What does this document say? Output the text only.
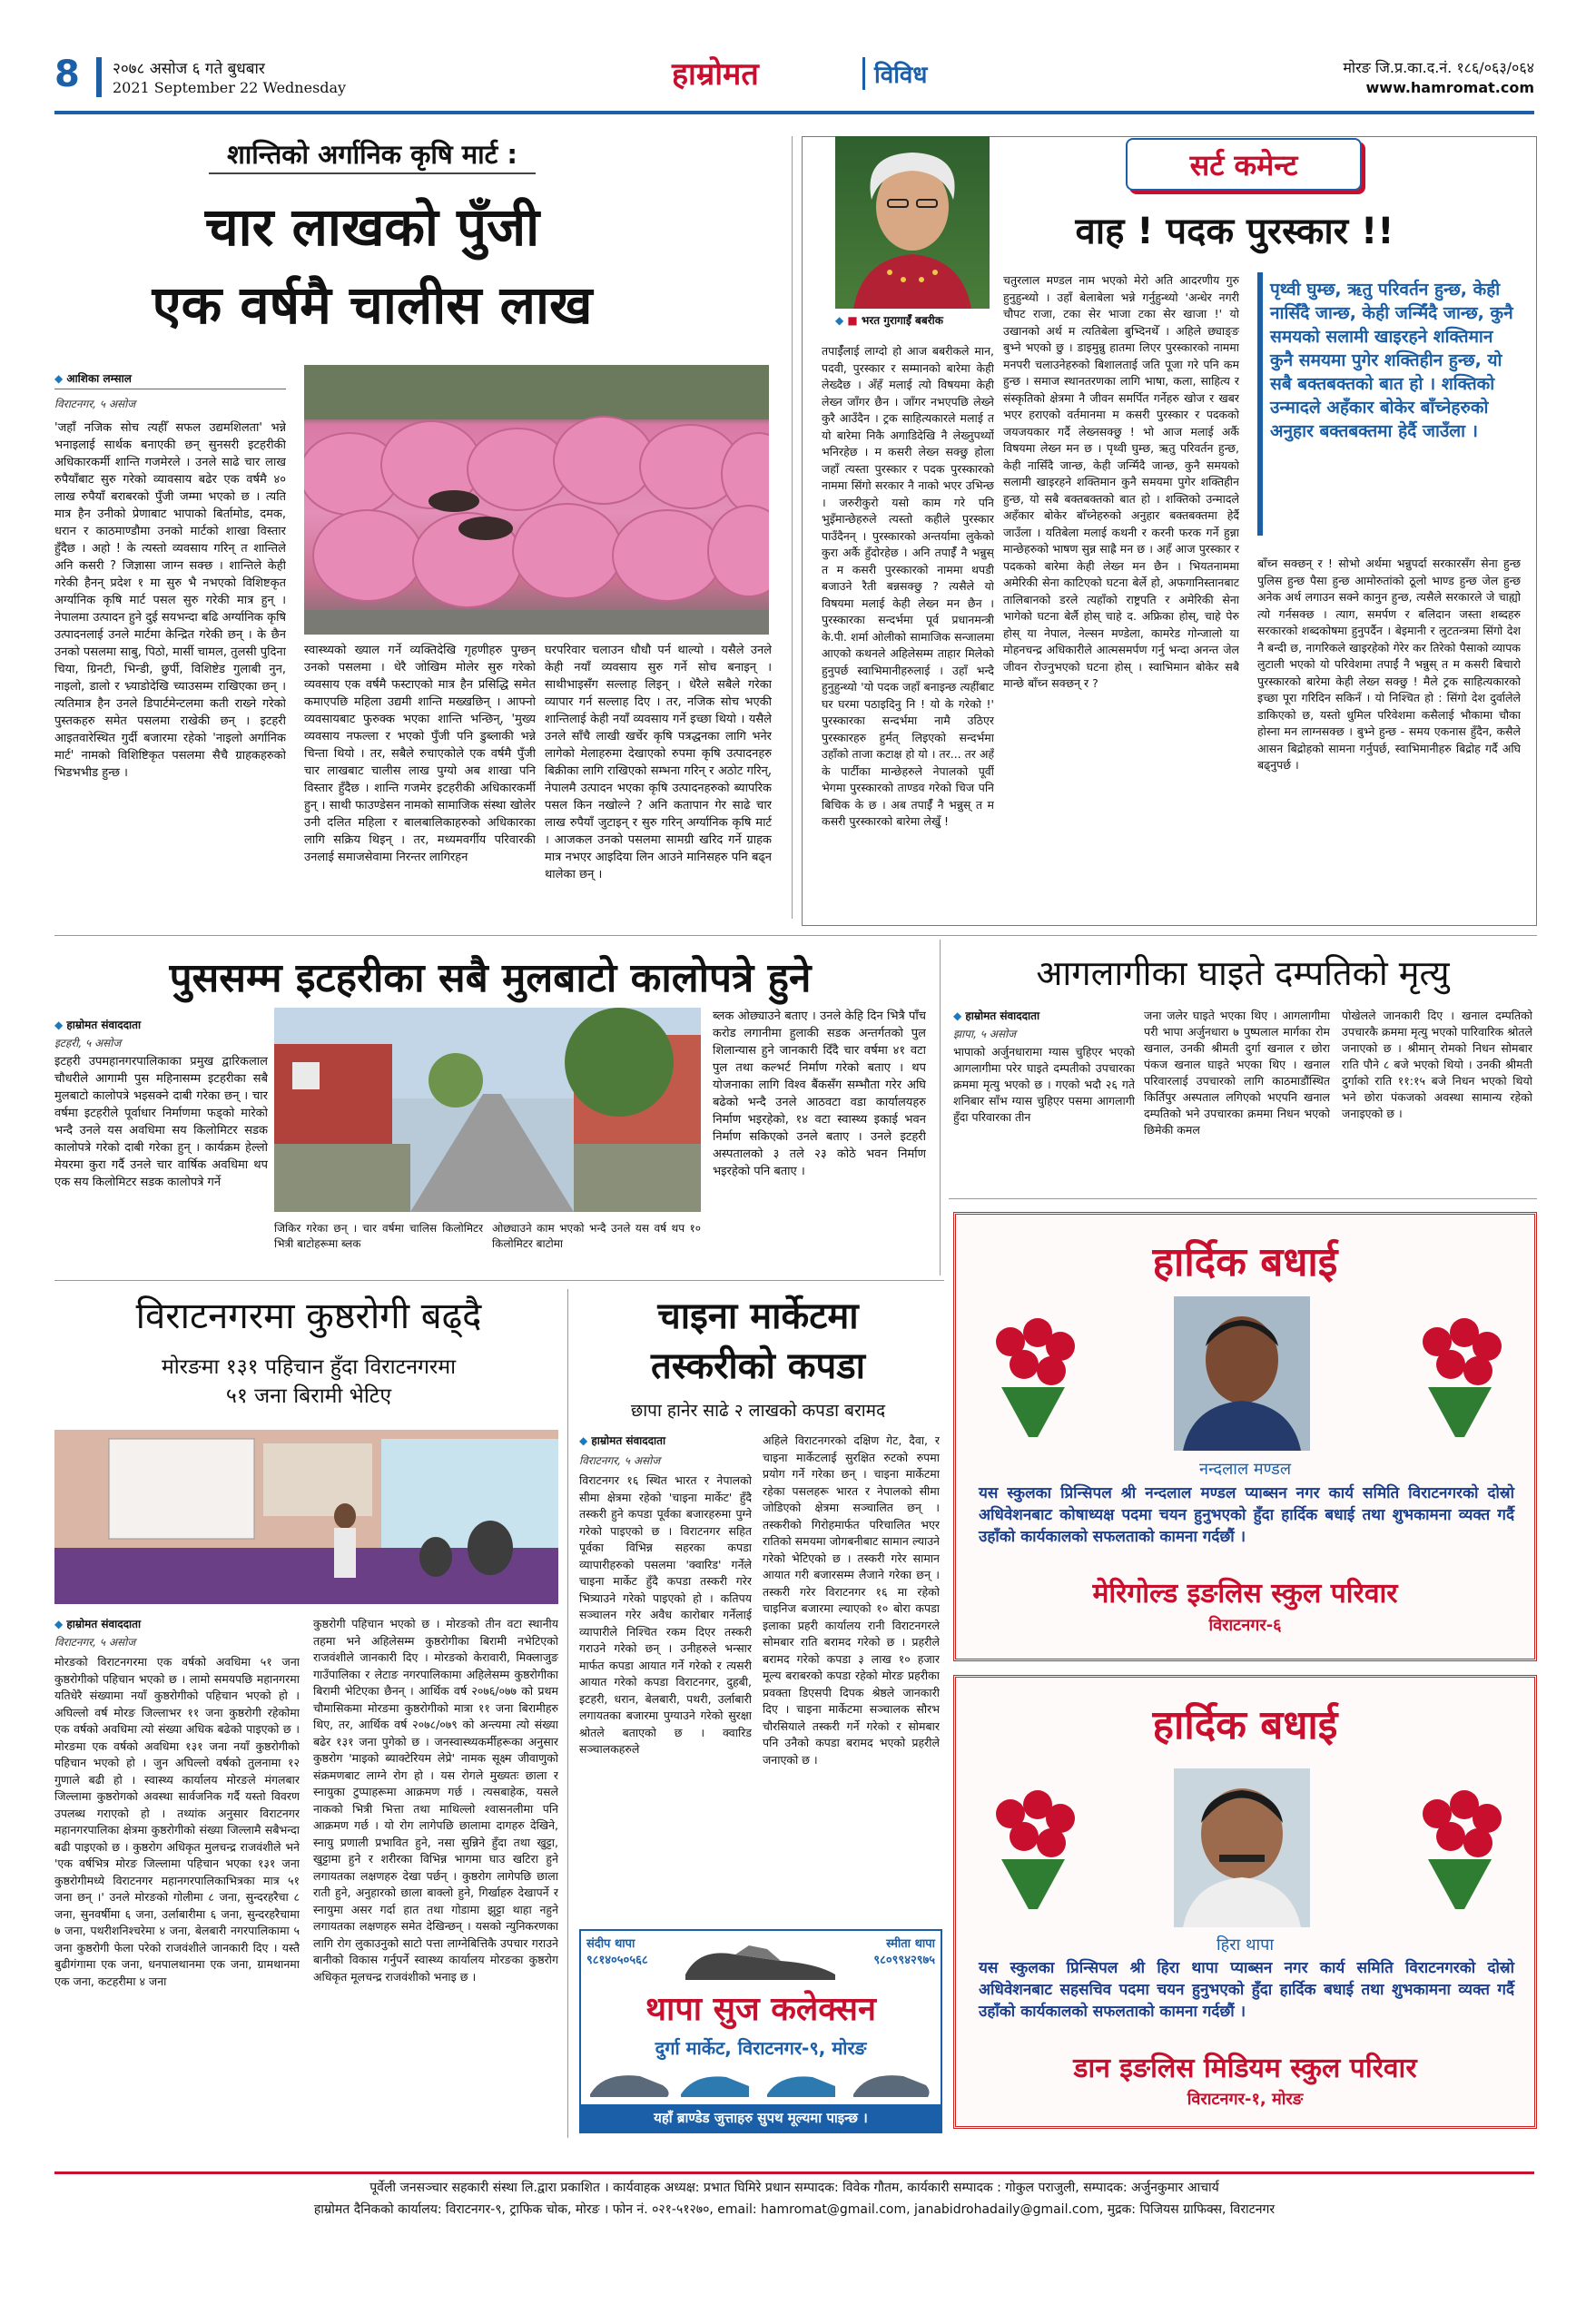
8 २०७८ असोज ६ गते बुधबार
2021 September 22 Wednesday	हाम्रोमत	विविध	मोरङ जि.प्र.का.द.नं. १८६/०६३/०६४
www.hamromat.com
शान्तिको अर्गानिक कृषि मार्ट :
चार लाखको पुँजी
एक वर्षमै चालीस लाख
◆ आशिका लम्साल
विराटनगर, ५ असोज

'जहाँ नजिक सोच त्यहीँ सफल उद्यमशिलता' भन्ने भनाइलाई सार्थक बनाएकी छन् सुनसरी इटहरीकी अधिकारकर्मी शान्ति गजमेरले । उनले साढे चार लाख रुपैयाँबाट सुरु गरेको व्यावसाय बढेर एक वर्षमै ४० लाख रुपैयाँ बराबरको पुँजी जम्मा भएको छ । त्यति मात्र हैन उनीको प्रेणाबाट भापाको बिर्तामोड, दमक, धरान र काठमाण्डौमा उनको मार्टको शाखा विस्तार हुँदैछ । अहो ! के त्यस्तो व्यवसाय गरिन् त शान्तिले अनि कसरी ? जिज्ञासा जाग्न सक्छ । शान्तिले केही गरेकी हैनन् प्रदेश १ मा सुरु भै नभएको विशिष्टकृत अर्ग्यानिक कृषि मार्ट पसल सुरु गरेकी मात्र हुन् । नेपालमा उत्पादन हुने दुई सयभन्दा बढि अर्ग्यानिक कृषि उत्पादनलाई उनले मार्टमा केन्द्रित गरेकी छन् । के छैन उनको पसलमा साबु, पिठो, मार्सी चामल, तुलसी पुदिना चिया, ग्रिनटी, भिन्डी, छुर्पी, विशिष्टेड गुलाबी नुन, नाइलो, डालो र भ्र्याडोदेखि च्याउसम्म राखिएका छन् । त्यतिमात्र हैन उनले डिपार्टमेन्टलमा कती राख्ने गरेको पुस्तकहरु समेत पसलमा राखेकी छन् । इटहरी आइतवारेस्थित गुर्दी बजारमा रहेको 'नाइलो अर्गानिक मार्ट' नामको विशिष्टिकृत पसलमा सैचै ग्राहकहरुको भिडभभीड हुन्छ ।

स्वास्थ्यको ख्याल गर्ने व्यक्तिदेखि गृहणीहरु पुग्छन् उनको पसलमा । धेरै जोखिम मोलेर सुरु गरेको व्यवसाय एक वर्षमै फस्टाएको मात्र हैन प्रसिद्धि समेत कमाएपछि महिला उद्यमी शान्ति मख्खछिन् । आफ्नो व्यवसायबाट फुरुक्क भएका शान्ति भन्छिन्, 'मुख्य व्यवसाय नफल्ला र भएको पुँजी पनि डुब्लाकी भन्ने चिन्ता थियो । तर, सबैले रुचाएकोले एक वर्षमै पुँजी चार लाखबाट चालीस लाख पुग्यो अब शाखा पनि विस्तार हुँदैछ । शान्ति गजमेर इटहरीकी अधिकारकर्मी हुन् । साथी फाउण्डेसन नामको सामाजिक संस्था खोलेर उनी दलित महिला र बालबालिकाहरुको अधिकारका लागि सक्रिय थिइन् । तर, मध्यमवर्गीय परिवारकी उनलाई समाजसेवामा निरन्तर लागिरहन

घरपरिवार चलाउन धौधौ पर्न थाल्यो । यसैले उनले केही नयाँ व्यवसाय सुरु गर्ने सोच बनाइन् । साथीभाइसँग सल्लाह लिइन् । धेरैले सबैले गरेका व्यापार गर्न सल्लाह दिए । तर, नजिक सोच भएकी शान्तिलाई केही नयाँ व्यवसाय गर्ने इच्छा थियो । यसैले उनले साँचै लाखी खर्चेर कृषि पत्रद्धनका लागि भनेर लागेको मेलाहरुमा देखाएको रुपमा कृषि उत्पादनहरु बिक्रीका लागि राखिएको सम्भना गरिन् र अठोट गरिन्, नेपालमै उत्पादन भएका कृषि उत्पादनहरुको ब्यापरिक पसल किन नखोल्ने ? अनि कतापान गेर साढे चार लाख रुपैयाँ जुटाइन् र सुरु गरिन् अर्ग्यानिक कृषि मार्ट । आजकल उनको पसलमा सामग्री खरिद गर्ने ग्राहक मात्र नभएर आइदिया लिन आउने मानिसहरु पनि बढ्न थालेका छन् ।

◆ ■ भरत गुरागाईँ बबरीक
सर्ट कमेन्ट
वाह ! पदक पुरस्कार !!

तपाईँलाई लाग्दो हो आज बबरीकले मान, पदवी, पुरस्कार र सम्मानको बारेमा केही लेख्दैछ । अँहँ मलाई त्यो विषयमा केही लेख्न जाँगर छैन । जाँगर नभएपछि लेख्ने कुरै आउँदैन । ट्रक साहित्यकारले मलाई त यो बारेमा निकै अगाडिदेखि नै लेख्नुपर्थ्यो भनिरहेछ । म कसरी लेख्न सक्छु होला जहाँ त्यस्ता पुरस्कार र पदक पुरस्कारको नाममा सिंगो सरकार नै नाको भएर उभिन्छ । जरुरीकुरो यसो काम गरे पनि भुइँमान्छेहरुले त्यस्तो कहीले पुरस्कार पाउँदैनन् । पुरस्कारको अन्तर्यामा लुकेको कुरा अर्कै हुँदोरहेछ । अनि तपाईँ नै भन्नुस् त म कसरी पुरस्कारको नाममा थपडी बजाउने रैती बन्नसक्छु ? त्यसैले यो विषयमा मलाई केही लेख्न मन छैन । पुरस्कारका सन्दर्भमा पूर्व प्रधानमन्त्री के.पी. शर्मा ओलीको सामाजिक सन्जालमा आएको कथनले अहिलेसम्म ताहार मिलेको हुनुपर्छ स्वाभिमानीहरुलाई । उहाँ भन्दै हुनुहुन्थ्यो 'यो पदक जहाँ बनाइन्छ त्यहींबाट घर घरमा पठाइदिनु नि ! यो के गरेको !' पुरस्कारका सन्दर्भमा नामै उठिएर पुरस्कारहरु हुर्मत् लिइएको सन्दर्भमा उहाँको ताजा कटाक्ष हो यो । तर... तर अहँ के पार्टीका मान्छेहरुले नेपालको पूर्वी भेगमा पुरस्कारको ताण्डव गरेको चिज पनि बिचिक के छ । अब तपाईँ नै भन्नुस् त म कसरी पुरस्कारको बारेमा लेखुँ !

चतुरलाल मण्डल नाम भएको मेरो अति आदरणीय गुरु हुनुहुन्थ्यो । उहाँ बेलाबेला भन्ने गर्नुहुन्थ्यो 'अन्धेर नगरी चौपट राजा, टका सेर भाजा टका सेर खाजा !' यो उखानको अर्थ म त्यतिबेला बुभ्दिनथेँ । अहिले छ्याङ्ङ बुभ्ने भएको छु । डाइमुन्नु हातमा लिएर पुरस्कारको नाममा मनपरी चलाउनेहरुको बिशालताई जति पूजा गरे पनि कम हुन्छ । समाज स्थानतरणका लागि भाषा, कला, साहित्य र संस्कृतिको क्षेत्रमा नै जीवन समर्पित गर्नेहरु खोज र खबर भएर हराएको वर्तमानमा म कसरी पुरस्कार र पदकको जयजयकार गर्दै लेख्नसक्छु ! भो आज मलाई अर्कै विषयमा लेख्न मन छ । पृथ्वी घुम्छ, ऋतु परिवर्तन हुन्छ, केही नासिँदै जान्छ, केही जन्मिँदै जान्छ, कुनै समयको सलामी खाइरहने शक्तिमान कुनै समयमा पुगेर शक्तिहीन हुन्छ, यो सबै बक्तबक्तको बात हो । शक्तिको उन्मादले अहँकार बोकेर बाँच्नेहरुको अनुहार बक्तबक्तमा हेर्दै जाउँला । यतिबेला मलाई कथनी र करनी फरक गर्ने हुन्ना मान्छेहरुको भाषण सुन्न साह्रै मन छ । अहँ आज पुरस्कार र पदकको बारेमा केही लेख्न मन छैन । भियतनाममा अमेरिकी सेना काटिएको घटना बेर्ले हो, अफगानिस्तानबाट तालिबानको डरले त्यहाँको राष्ट्रपति र अमेरिकी सेना भागेको घटना बेर्लै होस् चाहे द. अफ्रिका होस्, चाहे पेरु होस् या नेपाल, नेल्सन मण्डेला, कामरेड गोन्जालो या मोहनचन्द्र अधिकारीले आत्मसमर्पण गर्नु भन्दा अनन्त जेल जीवन रोज्नुभएको घटना होस् । स्वाभिमान बोकेर सबै मान्छे बाँच्न सक्छन् र ?

पृथ्वी घुम्छ, ऋतु परिवर्तन हुन्छ, केही नासिँदै जान्छ, केही जन्मिँदै जान्छ, कुनै समयको सलामी खाइरहने शक्तिमान कुनै समयमा पुगेर शक्तिहीन हुन्छ, यो सबै बक्तबक्तको बात हो । शक्तिको उन्मादले अहँकार बोकेर बाँच्नेहरुको अनुहार बक्तबक्तमा हेर्दै जाउँला ।

बाँच्न सक्छन् र ! सोभो अर्थमा भन्नुपर्दा सरकारसँग सेना हुन्छ पुलिस हुन्छ पैसा हुन्छ आमोरुतांको ठूलो भाण्ड हुन्छ जेल हुन्छ अनेक अर्थ लगाउन सक्ने कानुन हुन्छ, त्यसैले सरकारले जे चाह्यो त्यो गर्नसक्छ । त्याग, समर्पण र बलिदान जस्ता शब्दहरु सरकारको शब्दकोषमा हुनुपर्दैन । बेइमानी र लुटतन्त्रमा सिंगो देश नै बन्दी छ, नागरिकले खाइरहेको गेरेर कर तिरेको पैसाको व्यापक लुटाली भएको यो परिवेशमा तपाईं नै भन्नुस् त म कसरी बिचारो पुरस्कारको बारेमा केही लेख्न सक्छु ! मैले ट्रक साहित्यकारको इच्छा पूरा गरिदिन सकिनँ । यो निश्चित हो : सिंगो देश दुर्वालेले डाकिएको छ, यस्तो धुमिल परिवेशमा कसैलाई भौकामा चौका होस्ना मन लाग्नसक्छ । बुभ्ने हुन्छ - समय एकनास हुँदैन, कसैले आसन बिद्रोहको सामना गर्नुपर्छ, स्वाभिमानीहरु बिद्रोह गर्दै अघि बढ्नुपर्छ ।

पुससम्म इटहरीका सबै मुलबाटो कालोपत्रे हुने
◆ हाम्रोमत संवाददाता
इटहरी, ५ असोज

इटहरी उपमहानगरपालिकाका प्रमुख द्वारिकलाल चौधरीले आगामी पुस महिनासम्म इटहरीका सबै मुलबाटो कालोपत्रे भइसक्ने दाबी गरेका छन् । चार वर्षमा इटहरीले पूर्वाधार निर्माणमा फड्को मारेको भन्दै उनले यस अवधिमा सय किलोमिटर सडक कालोपत्रे गरेको दाबी गरेका हुन् । कार्यक्रम हेल्लो मेयरमा कुरा गर्दै उनले चार वार्षिक अवधिमा थप एक सय किलोमिटर सडक कालोपत्रे गर्ने

जिकिर गरेका छन् । चार वर्षमा चालिस किलोमिटर भित्री बाटोहरूमा ब्लक
ओछ्याउने काम भएको भन्दै उनले यस वर्ष थप १० किलोमिटर बाटोमा

ब्लक ओछ्याउने बताए । उनले केहि दिन भित्रै पाँच करोड लगानीमा हुलाकी सडक अन्तर्गतको पुल शिलान्यास हुने जानकारी दिँदै चार वर्षमा ४१ वटा पुल तथा कल्भर्ट निर्माण गरेको बताए । थप योजनाका लागि विश्व बैंकसँग सम्भौता गरेर अघि बढेको भन्दै उनले आठवटा वडा कार्यालयहरु निर्माण भइरहेको, १४ वटा स्वास्थ्य इकाई भवन निर्माण सकिएको उनले बताए । उनले इटहरी अस्पतालको ३ तले २३ कोठे भवन निर्माण भइरहेको पनि बताए ।

आगलागीका घाइते दम्पतिको मृत्यु
◆ हाम्रोमत संवाददाता
झापा, ५ असोज

भापाको अर्जुनधारामा ग्यास चुहिएर भएको आगलागीमा परेर घाइते दम्पतीको उपचारका क्रममा मृत्यु भएको छ । गएको भदौ २६ गते शनिबार साँभ ग्यास चुहिएर पसमा आगलागी हुँदा परिवारका तीन

जना जलेर घाइते भएका थिए । आगलागीमा परी भापा अर्जुनधारा ७ पुष्पलाल मार्गका रोम खनाल, उनकी श्रीमती दुर्गा खनाल र छोरा पंकज खनाल घाइते भएका थिए । खनाल परिवारलाई उपचारको लागि काठमाडौंस्थित किर्तिपुर अस्पताल लगिएको भएपनि खनाल दम्पतिको भने उपचारका क्रममा निधन भएको छिमेकी कमल

पोखेलले जानकारी दिए । खनाल दम्पतिको उपचारकै क्रममा मृत्यु भएको पारिवारिक श्रोतले जनाएको छ । श्रीमान् रोमको निधन सोमबार राति पौने ८ बजे भएको थियो । उनकी श्रीमती दुर्गाको राति ११:१५ बजे निधन भएको थियो भने छोरा पंकजको अवस्था सामान्य रहेको जनाइएको छ ।

हार्दिक बधाई
नन्दलाल मण्डल
यस स्कुलका प्रिन्सिपल श्री नन्दलाल मण्डल प्याब्सन नगर कार्य समिति विराटनगरको दोस्रो अधिवेशनबाट कोषाध्यक्ष पदमा चयन हुनुभएको हुँदा हार्दिक बधाई तथा शुभकामना व्यक्त गर्दै उहाँको कार्यकालको सफलताको कामना गर्दछौं ।
मेरिगोल्ड इङलिस स्कुल परिवार
विराटनगर-६
हार्दिक बधाई
हिरा थापा
यस स्कुलका प्रिन्सिपल श्री हिरा थापा प्याब्सन नगर कार्य समिति विराटनगरको दोस्रो अधिवेशनबाट सहसचिव पदमा चयन हुनुभएको हुँदा हार्दिक बधाई तथा शुभकामना व्यक्त गर्दै उहाँको कार्यकालको सफलताको कामना गर्दछौं ।
डान इङलिस मिडियम स्कुल परिवार
विराटनगर-१, मोरङ
विराटनगरमा कुष्ठरोगी बढ्दै
मोरङमा १३१ पहिचान हुँदा विराटनगरमा
५१ जना बिरामी भेटिए
◆ हाम्रोमत संवाददाता
विराटनगर, ५ असोज

मोरङको विराटनगरमा एक वर्षको अवधिमा ५१ जना कुष्ठरोगीको पहिचान भएको छ । लामो समयपछि महानगरमा यतिधेरै संख्यामा नयाँ कुष्ठरोगीको पहिचान भएको हो । अघिल्लो वर्ष मोरङ जिल्लाभर ११ जना कुष्ठरोगी रहेकोमा एक वर्षको अवधिमा त्यो संख्या अधिक बढेको पाइएको छ । मोरङमा एक वर्षको अवधिमा १३१ जना नयाँ कुष्ठरोगीको पहिचान भएको हो । जुन अघिल्लो वर्षको तुलनामा १२ गुणाले बढी हो । स्वास्थ्य कार्यालय मोरङले मंगलबार जिल्लामा कुष्ठरोगको अवस्था सार्वजनिक गर्दै यस्तो विवरण उपलब्ध गराएको हो । तथ्यांक अनुसार विराटनगर महानगरपालिका क्षेत्रमा कुष्ठरोगीको संख्या जिल्लामै सबैभन्दा बढी पाइएको छ । कुष्ठरोग अधिकृत मुलचन्द्र राजवंशीले भने 'एक वर्षभित्र मोरङ जिल्लामा पहिचान भएका १३१ जना कुष्ठरोगीमध्ये विराटनगर महानगरपालिकाभित्रका मात्र ५१ जना छन् ।' उनले मोरङको गोलीमा ८ जना, सुन्दरहरैचा ८ जना, सुनवर्षीमा ६ जना, उर्लाबारीमा ६ जना, सुन्दरहरैचामा ७ जना, पथरीशनिश्चरेमा ४ जना, बेलबारी नगरपालिकामा ५ जना कुष्ठरोगी फेला परेको राजवंशीले जानकारी दिए । यस्तै बुढीगंगामा एक जना, धनपालथानमा एक जना, ग्रामथानमा एक जना, कटहरीमा ४ जना

कुष्ठरोगी पहिचान भएको छ । मोरङको तीन वटा स्थानीय तहमा भने अहिलेसम्म कुष्ठरोगीका बिरामी नभेटिएको राजवंशीले जानकारी दिए । मोरङको केरावारी, मिक्लाजुङ गाउँपालिका र लेटाङ नगरपालिकामा अहिलेसम्म कुष्ठरोगीका बिरामी भेटिएका छैनन् । आर्थिक वर्ष २०७६/०७७ को प्रथम चौमासिकमा मोरङमा कुष्ठरोगीको मात्रा ११ जना बिरामीहरु थिए, तर, आर्थिक वर्ष २०७८/०७९ को अन्त्यमा त्यो संख्या बढेर १३१ जना पुगेको छ । जनस्वास्थ्यकर्मीहरूका अनुसार कुष्ठरोग 'माइको ब्याक्टेरियम लेप्रे' नामक सूक्ष्म जीवाणुको संक्रमणबाट लाग्ने रोग हो । यस रोगले मुख्यतः छाला र स्नायुका टुप्पाहरूमा आक्रमण गर्छ । त्यसबाहेक, यसले नाकको भित्री भित्ता तथा माथिल्लो श्वासनलीमा पनि आक्रमण गर्छ । यो रोग लागेपछि छालामा दागहरु देखिने, स्नायु प्रणाली प्रभावित हुने, नसा सुन्निने हुँदा तथा खुट्टा, खुट्टामा हुने र शरीरका विभिन्न भागमा घाउ खटिरा हुने लगायतका लक्षणहरु देखा पर्छन् । कुष्ठरोग लागेपछि छाला राती हुने, अनुहारको छाला बाक्लो हुने, गिर्खाहरु देखापर्ने र स्नायुमा असर गर्दा हात तथा गोडामा झुट्टा थाहा नहुने लगायतका लक्षणहरु समेत देखिन्छन् । यसको न्युनिकरणका लागि रोग लुकाउनुको साटो पत्ता लाग्नेबित्तिकै उपचार गराउने बानीको विकास गर्नुपर्ने स्वास्थ्य कार्यालय मोरङका कुष्ठरोग अधिकृत मूलचन्द्र राजवंशीको भनाइ छ ।

चाइना मार्केटमा
तस्करीको कपडा
छापा हानेर साढे २ लाखको कपडा बरामद
◆ हाम्रोमत संवाददाता
विराटनगर, ५ असोज

विराटनगर १६ स्थित भारत र नेपालको सीमा क्षेत्रमा रहेको 'चाइना मार्केट' हुँदै तस्करी हुने कपडा पूर्वका बजारहरुमा पुग्ने गरेको पाइएको छ । विराटनगर सहित पूर्वका विभिन्न सहरका कपडा व्यापारीहरुको पसलमा 'क्वारिड' गर्नेले चाइना मार्केट हुँदै कपडा तस्करी गरेर भित्र्याउने गरेको पाइएको हो । कतिपय सञ्चालन गरेर अवैध कारोबार गर्नेलाई व्यापारीले निश्चित रकम दिएर तस्करी गराउने गरेको छन् । उनीहरुले भन्सार मार्फत कपडा आयात गर्ने गरेको र त्यसरी आयात गरेको कपडा विराटनगर, दुहबी, इटहरी, धरान, बेलबारी, पथरी, उर्लाबारी लगायतका बजारमा पुग्याउने गरेको सुरक्षा श्रोतले बताएको छ । क्वारिड सञ्चालकहरुले

अहिले विराटनगरको दक्षिण गेट, दैवा, र चाइना मार्केटलाई सुरक्षित रुटको रुपमा प्रयोग गर्ने गरेका छन् । चाइना मार्केटमा रहेका पसलहरू भारत र नेपालको सीमा जोडिएको क्षेत्रमा सञ्चालित छन् । तस्करीको गिरोहमार्फत परिचालित भएर रातिको समयमा जोगबनीबाट सामान ल्याउने गरेको भेटिएको छ । तस्करी गरेर सामान आयात गरी बजारसम्म लैजाने गरेका छन् । तस्करी गरेर विराटनगर १६ मा रहेको चाइनिज बजारमा ल्याएको १० बोरा कपडा इलाका प्रहरी कार्यालय रानी विराटनगरले सोमबार राति बरामद गरेको छ । प्रहरीले बरामद गरेको कपडा ३ लाख १० हजार मूल्य बराबरको कपडा रहेको मोरङ प्रहरीका प्रवक्ता डिएसपी दिपक श्रेष्ठले जानकारी दिए । चाइना मार्केटमा सञ्चालक सौरभ चौरसियाले तस्करी गर्ने गरेको र सोमबार पनि उनैको कपडा बरामद भएको प्रहरीले जनाएको छ ।

संदीप थापा
९८१४०५०५६८
स्मीता थापा
९८०९९४२९७५
थापा सुज कलेक्सन
दुर्गा मार्केट, विराटनगर-९, मोरङ
यहाँ ब्राण्डेड जुत्ताहरु सुपथ मूल्यमा पाइन्छ ।
पूर्वेली जनसञ्चार सहकारी संस्था लि.द्वारा प्रकाशित । कार्यवाहक अध्यक्ष: प्रभात घिमिरे प्रधान सम्पादक: विवेक गौतम, कार्यकारी सम्पादक : गोकुल पराजुली, सम्पादक: अर्जुनकुमार आचार्य
हाम्रोमत दैनिकको कार्यालय: विराटनगर-९, ट्राफिक चोक, मोरङ । फोन नं. ०२१-५१२७०, email: hamromat@gmail.com, janabidrohadaily@gmail.com, मुद्रक: पिजियस ग्राफिक्स, विराटनगर
